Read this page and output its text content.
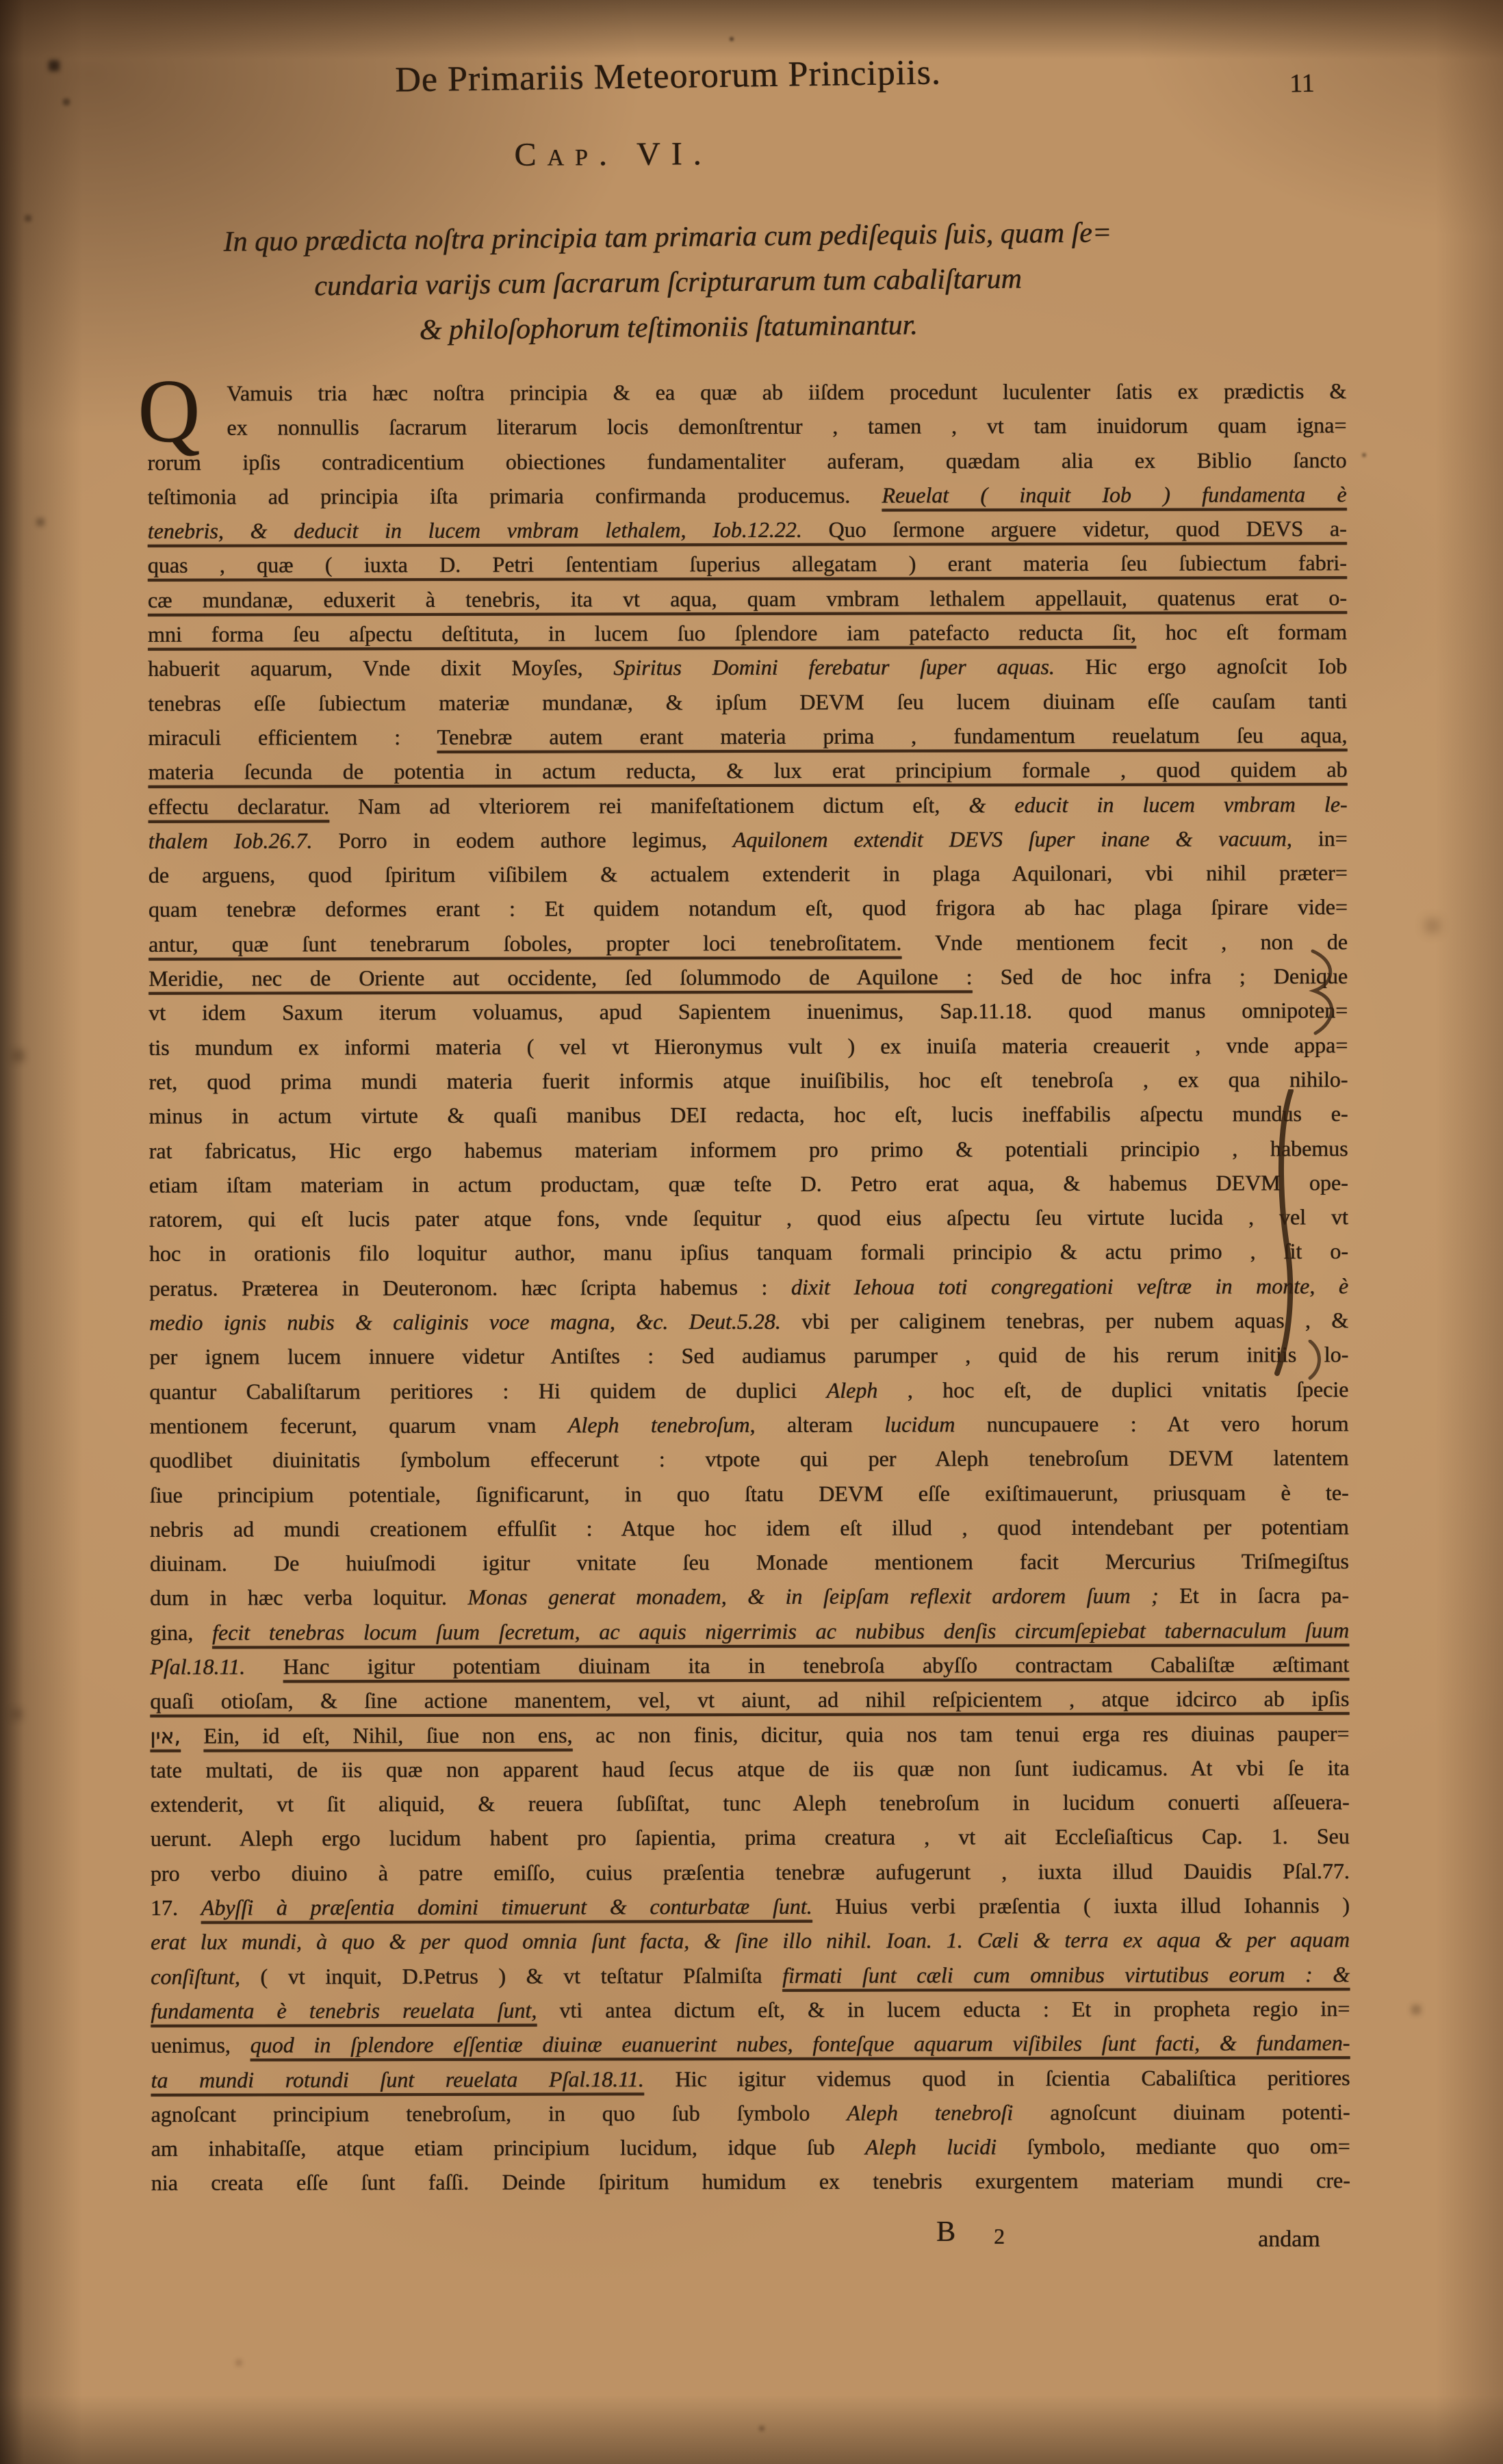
De Primariis Meteororum Principiis.	11
Cap. VI.
In quo prædicta noſtra principia tam primaria cum pediſequis ſuis, quam ſe=
cundaria varijs cum ſacrarum ſcripturarum tum cabaliſtarum
& philoſophorum teſtimoniis ſtatuminantur.
Q	Vamuis tria hæc noſtra principia & ea quæ ab iiſdem procedunt luculenter ſatis ex prædictis &
ex nonnullis ſacrarum literarum locis demonſtrentur , tamen , vt tam inuidorum quam igna=
rorum ipſis contradicentium obiectiones fundamentaliter auferam, quædam alia ex Biblio ſancto
teſtimonia ad principia iſta primaria confirmanda producemus. Reuelat ( inquit Iob ) fundamenta è
tenebris, & deducit in lucem vmbram lethalem, Iob.12.22. Quo ſermone arguere videtur, quod DEVS a-
quas , quæ ( iuxta D. Petri ſententiam ſuperius allegatam ) erant materia ſeu ſubiectum fabri-
cæ mundanæ, eduxerit à tenebris, ita vt aqua, quam vmbram lethalem appellauit, quatenus erat o-
mni forma ſeu aſpectu deſtituta, in lucem ſuo ſplendore iam patefacto reducta ſit, hoc eſt formam
habuerit aquarum, Vnde dixit Moyſes, Spiritus Domini ferebatur ſuper aquas. Hic ergo agnoſcit Iob
tenebras eſſe ſubiectum materiæ mundanæ, & ipſum DEVM ſeu lucem diuinam eſſe cauſam tanti
miraculi efficientem : Tenebræ autem erant materia prima , fundamentum reuelatum ſeu aqua,
materia ſecunda de potentia in actum reducta, & lux erat principium formale , quod quidem ab
effectu declaratur. Nam ad vlteriorem rei manifeſtationem dictum eſt, & educit in lucem vmbram le-
thalem Iob.26.7. Porro in eodem authore legimus, Aquilonem extendit DEVS ſuper inane & vacuum, in=
de arguens, quod ſpiritum viſibilem & actualem extenderit in plaga Aquilonari, vbi nihil præter=
quam tenebræ deformes erant : Et quidem notandum eſt, quod frigora ab hac plaga ſpirare vide=
antur, quæ ſunt tenebrarum ſoboles, propter loci tenebroſitatem. Vnde mentionem fecit , non de
Meridie, nec de Oriente aut occidente, ſed ſolummodo de Aquilone : Sed de hoc infra ; Denique
vt idem Saxum iterum voluamus, apud Sapientem inuenimus, Sap.11.18. quod manus omnipoten=
tis mundum ex informi materia ( vel vt Hieronymus vult ) ex inuiſa materia creauerit , vnde appa=
ret, quod prima mundi materia fuerit informis atque inuiſibilis, hoc eſt tenebroſa , ex qua nihilo-
minus in actum virtute & quaſi manibus DEI redacta, hoc eſt, lucis ineffabilis aſpectu mundus e-
rat fabricatus, Hic ergo habemus materiam informem pro primo & potentiali principio , habemus
etiam iſtam materiam in actum productam, quæ teſte D. Petro erat aqua, & habemus DEVM ope-
ratorem, qui eſt lucis pater atque fons, vnde ſequitur , quod eius aſpectu ſeu virtute lucida , vel vt
hoc in orationis filo loquitur author, manu ipſius tanquam formali principio & actu primo , ſit o-
peratus. Præterea in Deuteronom. hæc ſcripta habemus : dixit Iehoua toti congregationi veſtræ in monte, è
medio ignis nubis & caliginis voce magna, &c. Deut.5.28. vbi per caliginem tenebras, per nubem aquas , &
per ignem lucem innuere videtur Antiſtes : Sed audiamus parumper , quid de his rerum initiis lo-
quantur Cabaliſtarum peritiores : Hi quidem de duplici Aleph , hoc eſt, de duplici vnitatis ſpecie
mentionem fecerunt, quarum vnam Aleph tenebroſum, alteram lucidum nuncupauere : At vero horum
quodlibet diuinitatis ſymbolum effecerunt : vtpote qui per Aleph tenebroſum DEVM latentem
ſiue principium potentiale, ſignificarunt, in quo ſtatu DEVM eſſe exiſtimauerunt, priusquam è te-
nebris ad mundi creationem effulſit : Atque hoc idem eſt illud , quod intendebant per potentiam
diuinam. De huiuſmodi igitur vnitate ſeu Monade mentionem facit Mercurius Triſmegiſtus
dum in hæc verba loquitur. Monas generat monadem, & in ſeipſam reflexit ardorem ſuum ; Et in ſacra pa-
gina, fecit tenebras locum ſuum ſecretum, ac aquis nigerrimis ac nubibus denſis circumſepiebat tabernaculum ſuum
Pſal.18.11. Hanc igitur potentiam diuinam ita in tenebroſa abyſſo contractam Cabaliſtæ æſtimant
quaſi otioſam, & ſine actione manentem, vel, vt aiunt, ad nihil reſpicientem , atque idcirco ab ipſis
אין, Ein, id eſt, Nihil, ſiue non ens, ac non finis, dicitur, quia nos tam tenui erga res diuinas pauper=
tate multati, de iis quæ non apparent haud ſecus atque de iis quæ non ſunt iudicamus. At vbi ſe ita
extenderit, vt ſit aliquid, & reuera ſubſiſtat, tunc Aleph tenebroſum in lucidum conuerti aſſeuera-
uerunt. Aleph ergo lucidum habent pro ſapientia, prima creatura , vt ait Eccleſiaſticus Cap. 1. Seu
pro verbo diuino à patre emiſſo, cuius præſentia tenebræ aufugerunt , iuxta illud Dauidis Pſal.77.
17. Abyſſi à præſentia domini timuerunt & conturbatæ ſunt. Huius verbi præſentia ( iuxta illud Iohannis )
erat lux mundi, à quo & per quod omnia ſunt facta, & ſine illo nihil. Ioan. 1. Cæli & terra ex aqua & per aquam
conſiſtunt, ( vt inquit, D.Petrus ) & vt teſtatur Pſalmiſta firmati ſunt cæli cum omnibus virtutibus eorum : &
fundamenta è tenebris reuelata ſunt, vti antea dictum eſt, & in lucem educta : Et in propheta regio in=
uenimus, quod in ſplendore eſſentiæ diuinæ euanuerint nubes, fonteſque aquarum viſibiles ſunt facti, & fundamen-
ta mundi rotundi ſunt reuelata Pſal.18.11. Hic igitur videmus quod in ſcientia Cabaliſtica peritiores
agnoſcant principium tenebroſum, in quo ſub ſymbolo Aleph tenebroſi agnoſcunt diuinam potenti-
am inhabitaſſe, atque etiam principium lucidum, idque ſub Aleph lucidi ſymbolo, mediante quo om=
nia creata eſſe ſunt faſſi. Deinde ſpiritum humidum ex tenebris exurgentem materiam mundi cre-
B 2	andam
